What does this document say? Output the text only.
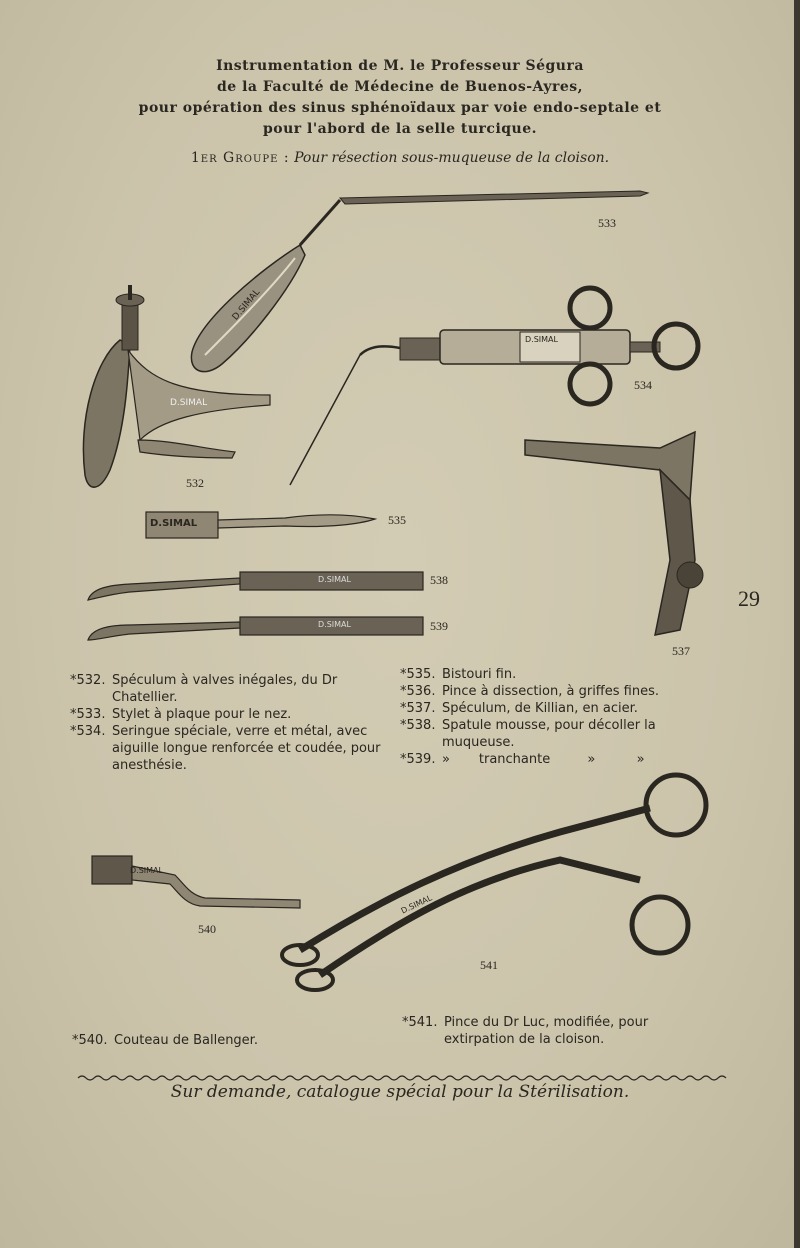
Instrumentation de M. le Professeur Ségura
de la Faculté de Médecine de Buenos-Ayres,
pour opération des sinus sphénoïdaux par voie endo-septale et
pour l'abord de la selle turcique.
1er Groupe : Pour résection sous-muqueuse de la cloison.
D.SIMAL
D.SIMAL
D.SIMAL
D.SIMAL
D.SIMAL
D.SIMAL
D.SIMAL
D.SIMAL
533
534
532
535
538
539
537
540
541
29
*532. Spéculum à valves inégales, du Dr Chatellier.
*533. Stylet à plaque pour le nez.
*534. Seringue spéciale, verre et métal, avec aiguille longue renforcée et coudée, pour anesthésie.
*535. Bistouri fin.
*536. Pince à dissection, à griffes fines.
*537. Spéculum, de Killian, en acier.
*538. Spatule mousse, pour décoller la muqueuse.
*539. »       tranchante         »          »
*540. Couteau de Ballenger.
*541. Pince du Dr Luc, modifiée, pour extirpation de la cloison.
Sur demande, catalogue spécial pour la Stérilisation.
